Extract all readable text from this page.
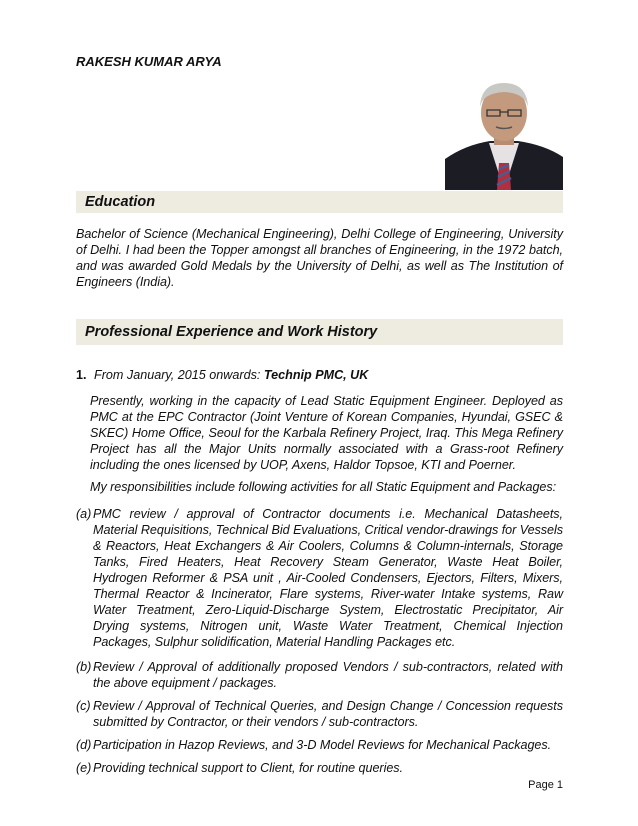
RAKESH KUMAR ARYA
Education
Bachelor of Science (Mechanical Engineering), Delhi College of Engineering, University of Delhi. I had been the Topper amongst all branches of Engineering, in the 1972 batch, and was awarded Gold Medals by the University of Delhi, as well as The Institution of Engineers (India).
Professional Experience and Work History
1. From January, 2015 onwards: Technip PMC, UK
Presently, working in the capacity of Lead Static Equipment Engineer. Deployed as PMC at the EPC Contractor (Joint Venture of Korean Companies, Hyundai, GSEC & SKEC) Home Office, Seoul for the Karbala Refinery Project, Iraq. This Mega Refinery Project has all the Major Units normally associated with a Grass-root Refinery including the ones licensed by UOP, Axens, Haldor Topsoe, KTI and Poerner.
My responsibilities include following activities for all Static Equipment and Packages:
(a) PMC review / approval of Contractor documents i.e. Mechanical Datasheets, Material Requisitions, Technical Bid Evaluations, Critical vendor-drawings for Vessels & Reactors, Heat Exchangers & Air Coolers, Columns & Column-internals, Storage Tanks, Fired Heaters, Heat Recovery Steam Generator, Waste Heat Boiler, Hydrogen Reformer & PSA unit , Air-Cooled Condensers, Ejectors, Filters, Mixers, Thermal Reactor & Incinerator, Flare systems, River-water Intake systems, Raw Water Treatment, Zero-Liquid-Discharge System, Electrostatic Precipitator, Air Drying systems, Nitrogen unit, Waste Water Treatment, Chemical Injection Packages, Sulphur solidification, Material Handling Packages etc.
(b) Review / Approval of additionally proposed Vendors / sub-contractors, related with the above equipment / packages.
(c) Review / Approval of Technical Queries, and Design Change / Concession requests submitted by Contractor, or their vendors / sub-contractors.
(d) Participation in Hazop Reviews, and 3-D Model Reviews for Mechanical Packages.
(e) Providing technical support to Client, for routine queries.
Page 1
